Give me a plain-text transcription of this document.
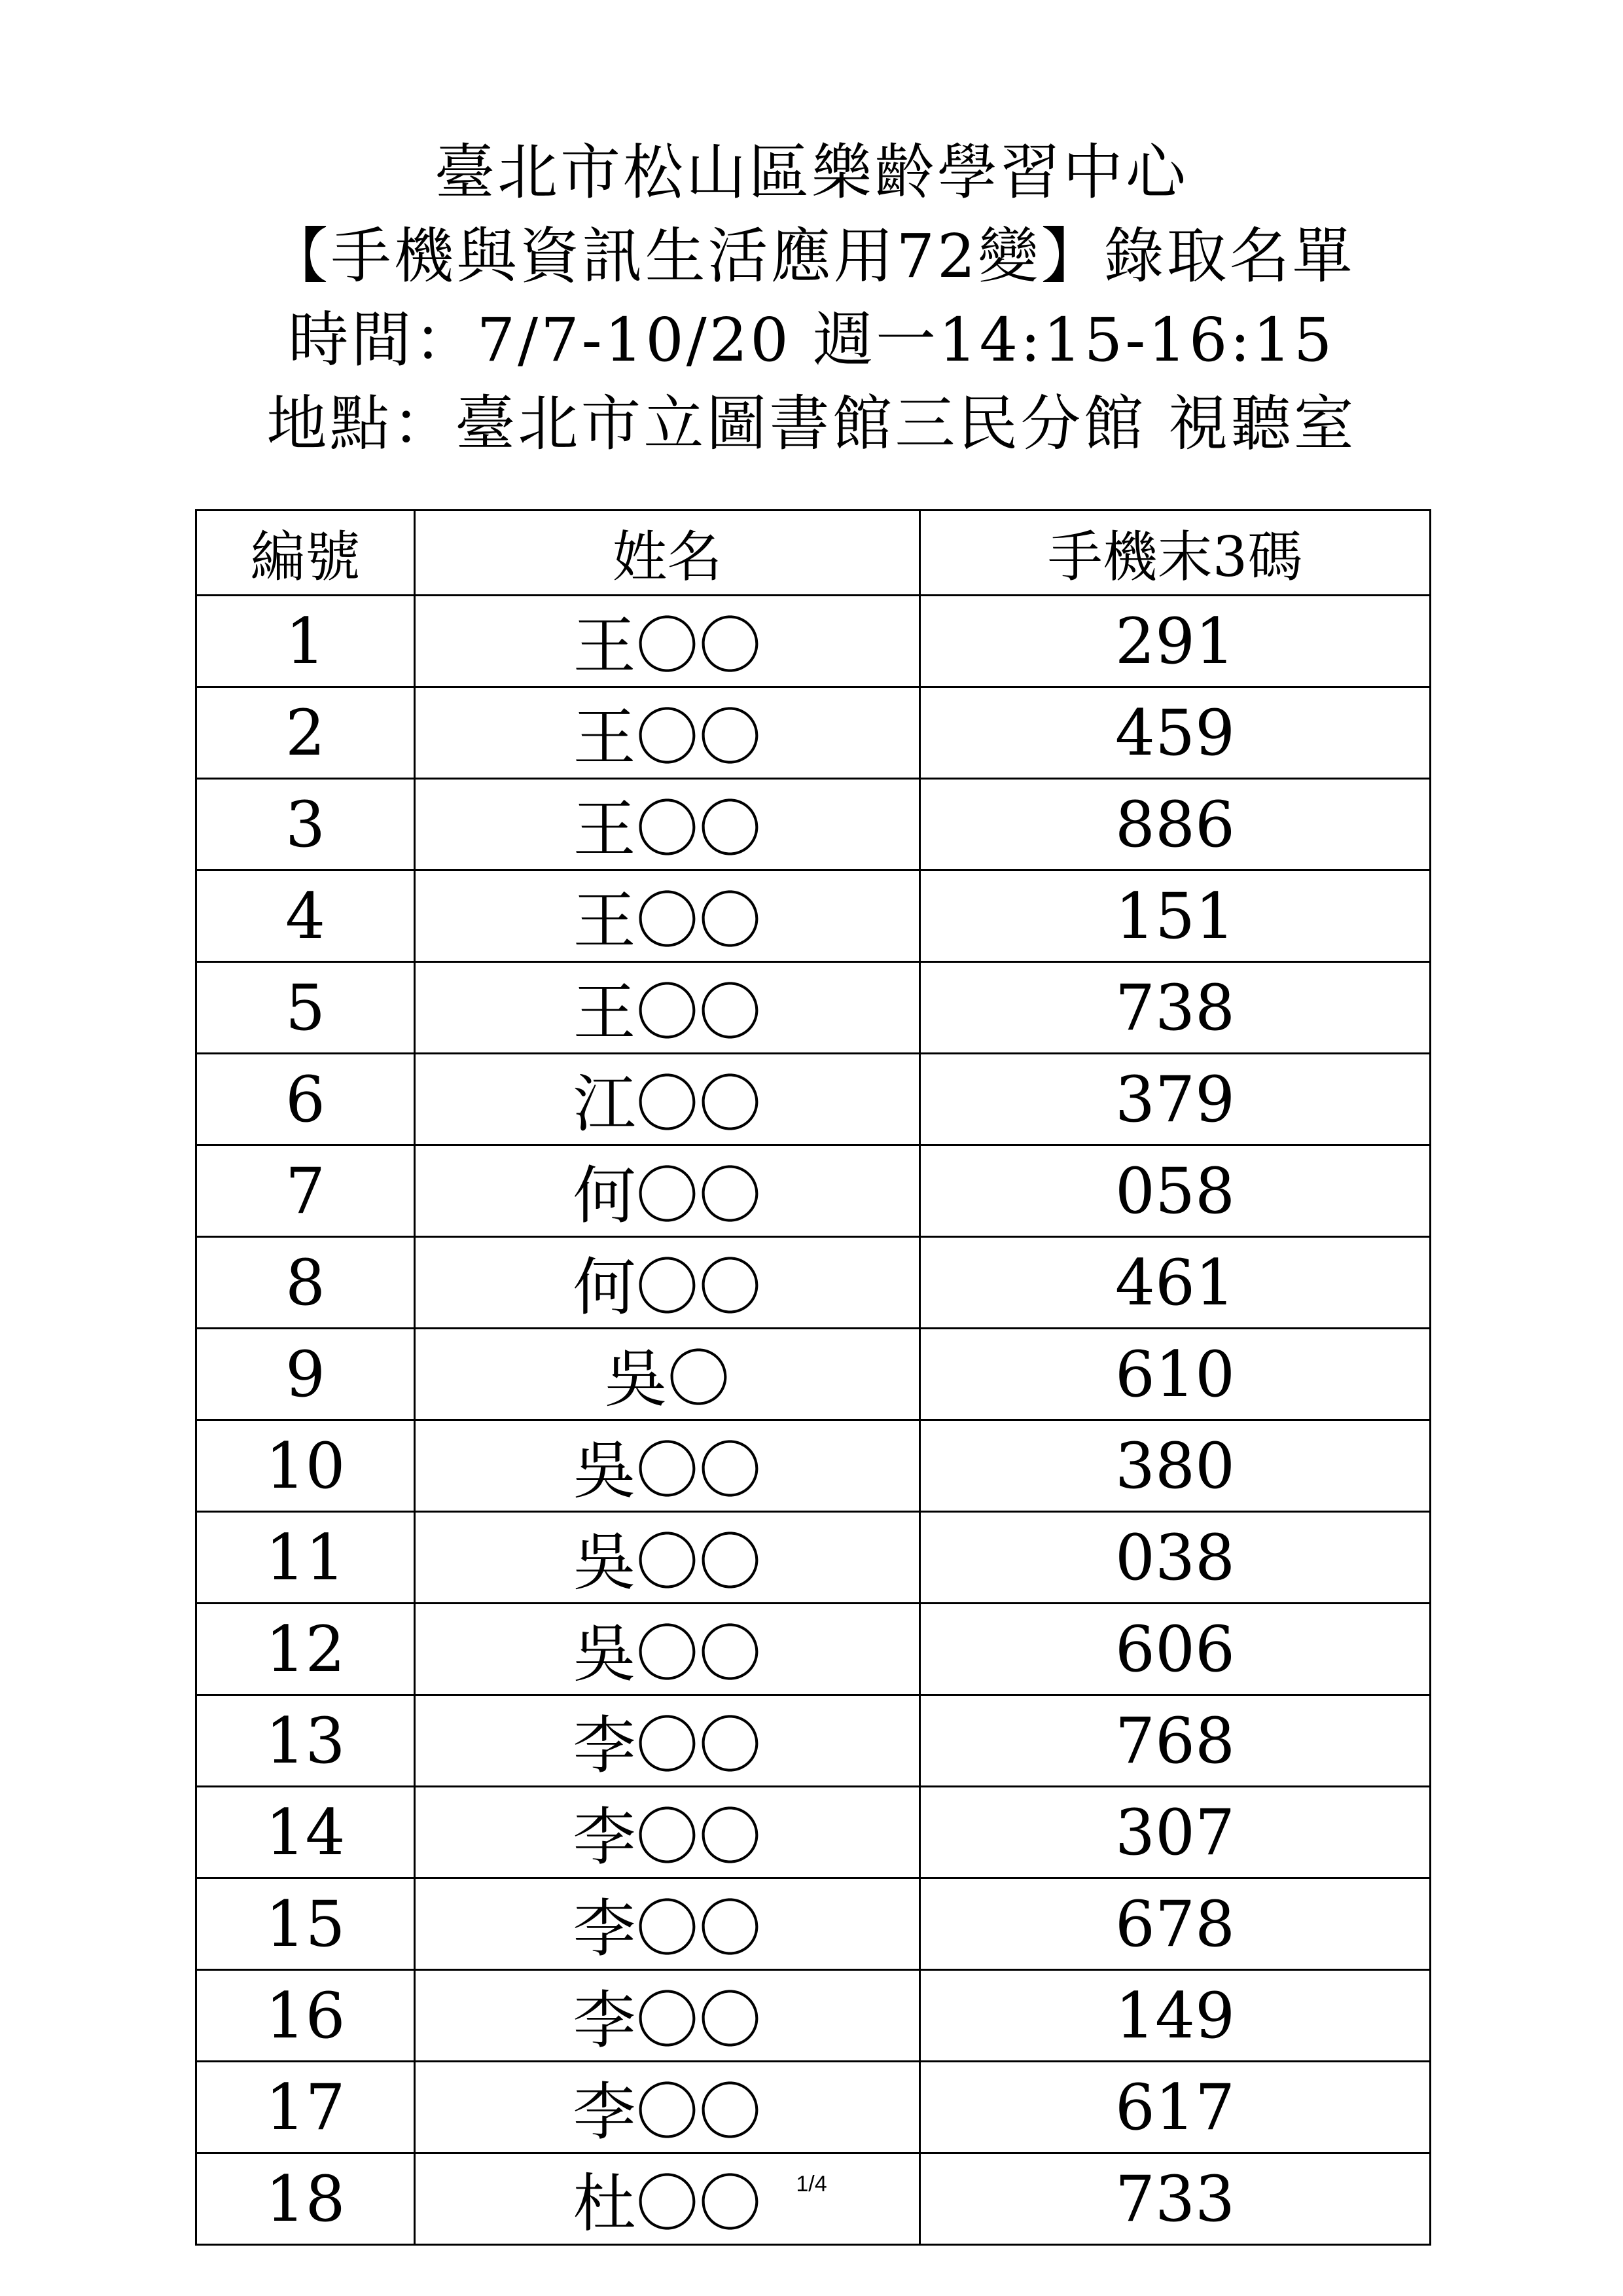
臺北市松山區樂齡學習中心
【手機與資訊生活應用72變】錄取名單
時間：7/7-10/20 週一14:15-16:15
地點：臺北市立圖書館三民分館 視聽室
編號	姓名	手機末3碼
1	王〇〇	291
2	王〇〇	459
3	王〇〇	886
4	王〇〇	151
5	王〇〇	738
6	江〇〇	379
7	何〇〇	058
8	何〇〇	461
9	吳〇	610
10	吳〇〇	380
11	吳〇〇	038
12	吳〇〇	606
13	李〇〇	768
14	李〇〇	307
15	李〇〇	678
16	李〇〇	149
17	李〇〇	617
18	杜〇〇	733
1/4
